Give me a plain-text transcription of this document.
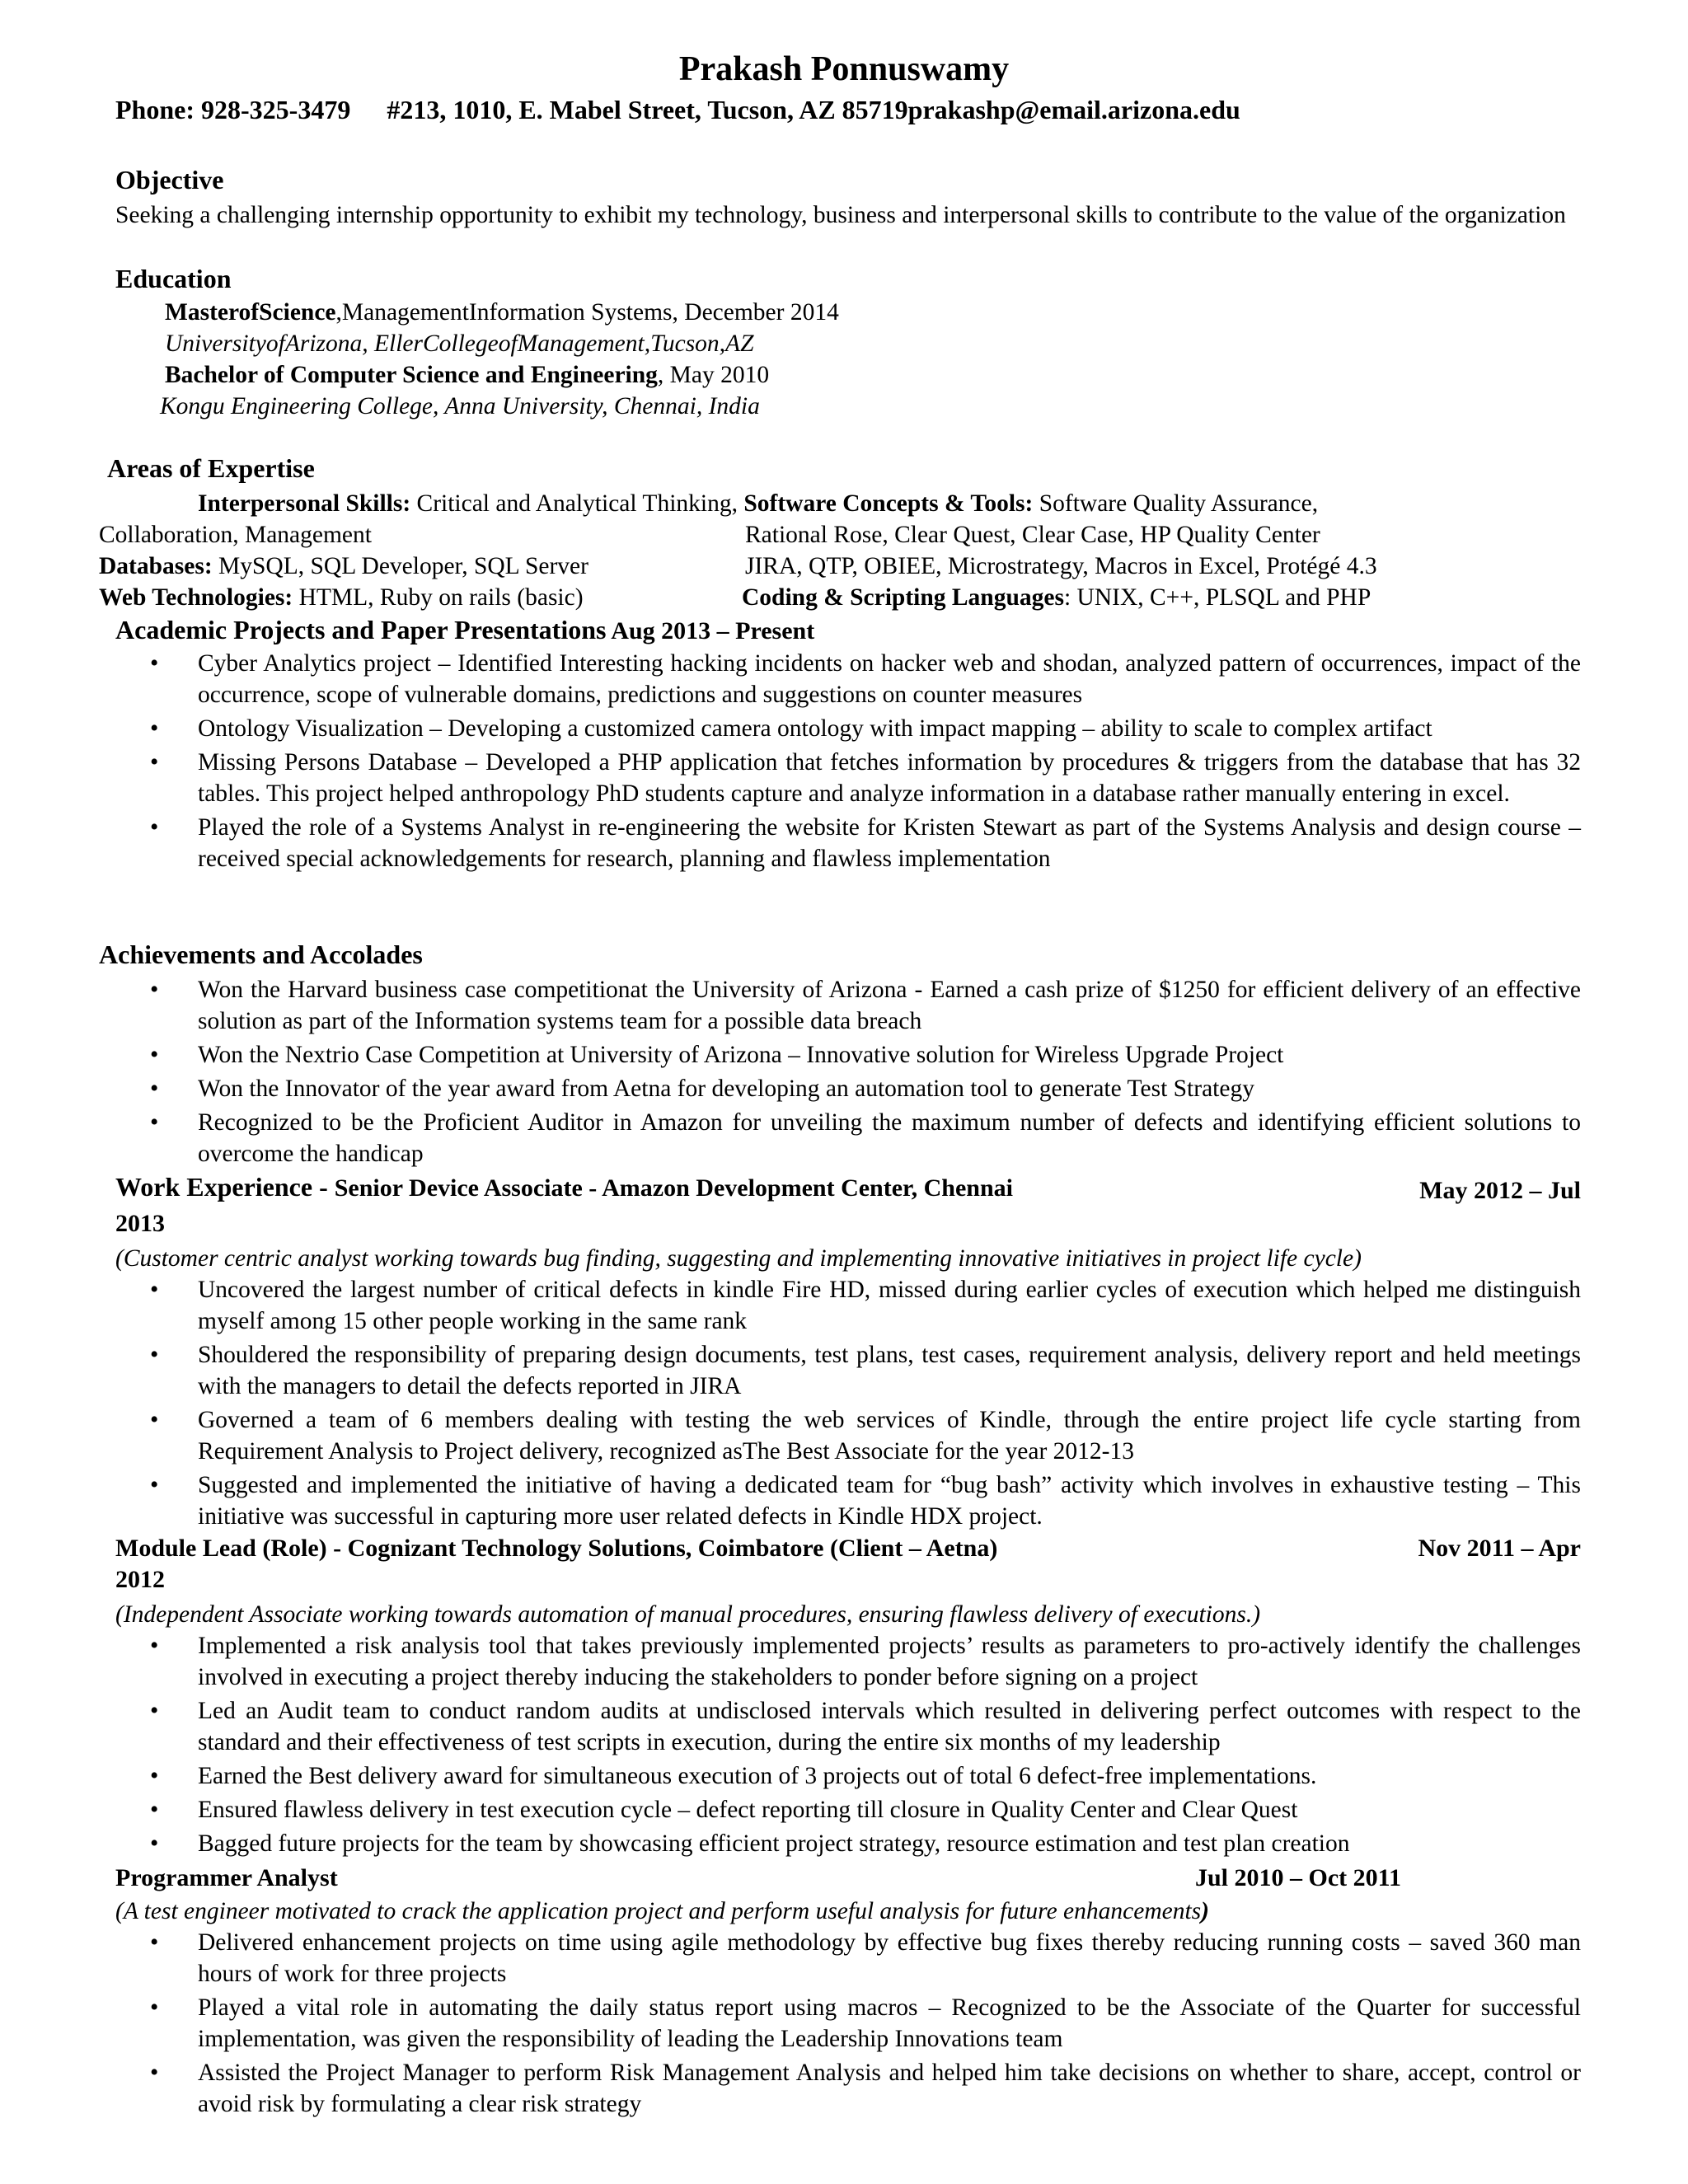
Prakash Ponnuswamy
Phone: 928-325-3479 #213, 1010, E. Mabel Street, Tucson, AZ 85719prakashp@email.arizona.edu
Objective
Seeking a challenging internship opportunity to exhibit my technology, business and interpersonal skills to contribute to the value of the organization
Education
MasterofScience,ManagementInformation Systems, December 2014
UniversityofArizona, EllerCollegeofManagement,Tucson,AZ
Bachelor of Computer Science and Engineering, May 2010
Kongu Engineering College, Anna University, Chennai, India
Areas of Expertise
Interpersonal Skills: Critical and Analytical Thinking, Software Concepts & Tools: Software Quality Assurance,
Collaboration, Management	Rational Rose, Clear Quest, Clear Case, HP Quality Center
Databases: MySQL, SQL Developer, SQL Server	JIRA, QTP, OBIEE, Microstrategy, Macros in Excel, Protégé 4.3
Web Technologies: HTML, Ruby on rails (basic)	Coding & Scripting Languages: UNIX, C++, PLSQL and PHP
Academic Projects and Paper Presentations Aug 2013 – Present
• Cyber Analytics project – Identified Interesting hacking incidents on hacker web and shodan, analyzed pattern of occurrences, impact of the occurrence, scope of vulnerable domains, predictions and suggestions on counter measures
• Ontology Visualization – Developing a customized camera ontology with impact mapping – ability to scale to complex artifact
• Missing Persons Database – Developed a PHP application that fetches information by procedures & triggers from the database that has 32 tables. This project helped anthropology PhD students capture and analyze information in a database rather manually entering in excel.
• Played the role of a Systems Analyst in re-engineering the website for Kristen Stewart as part of the Systems Analysis and design course – received special acknowledgements for research, planning and flawless implementation
Achievements and Accolades
• Won the Harvard business case competitionat the University of Arizona - Earned a cash prize of $1250 for efficient delivery of an effective solution as part of the Information systems team for a possible data breach
• Won the Nextrio Case Competition at University of Arizona – Innovative solution for Wireless Upgrade Project
• Won the Innovator of the year award from Aetna for developing an automation tool to generate Test Strategy
• Recognized to be the Proficient Auditor in Amazon for unveiling the maximum number of defects and identifying efficient solutions to overcome the handicap
Work Experience - Senior Device Associate - Amazon Development Center, Chennai	May 2012 – Jul
2013
(Customer centric analyst working towards bug finding, suggesting and implementing innovative initiatives in project life cycle)
• Uncovered the largest number of critical defects in kindle Fire HD, missed during earlier cycles of execution which helped me distinguish myself among 15 other people working in the same rank
• Shouldered the responsibility of preparing design documents, test plans, test cases, requirement analysis, delivery report and held meetings with the managers to detail the defects reported in JIRA
• Governed a team of 6 members dealing with testing the web services of Kindle, through the entire project life cycle starting from Requirement Analysis to Project delivery, recognized asThe Best Associate for the year 2012-13
• Suggested and implemented the initiative of having a dedicated team for “bug bash” activity which involves in exhaustive testing – This initiative was successful in capturing more user related defects in Kindle HDX project.
Module Lead (Role) - Cognizant Technology Solutions, Coimbatore (Client – Aetna)	Nov 2011 – Apr
2012
(Independent Associate working towards automation of manual procedures, ensuring flawless delivery of executions.)
• Implemented a risk analysis tool that takes previously implemented projects’ results as parameters to pro-actively identify the challenges involved in executing a project thereby inducing the stakeholders to ponder before signing on a project
• Led an Audit team to conduct random audits at undisclosed intervals which resulted in delivering perfect outcomes with respect to the standard and their effectiveness of test scripts in execution, during the entire six months of my leadership
• Earned the Best delivery award for simultaneous execution of 3 projects out of total 6 defect-free implementations.
• Ensured flawless delivery in test execution cycle – defect reporting till closure in Quality Center and Clear Quest
• Bagged future projects for the team by showcasing efficient project strategy, resource estimation and test plan creation
Programmer Analyst	Jul 2010 – Oct 2011
(A test engineer motivated to crack the application project and perform useful analysis for future enhancements)
• Delivered enhancement projects on time using agile methodology by effective bug fixes thereby reducing running costs – saved 360 man hours of work for three projects
• Played a vital role in automating the daily status report using macros – Recognized to be the Associate of the Quarter for successful implementation, was given the responsibility of leading the Leadership Innovations team
• Assisted the Project Manager to perform Risk Management Analysis and helped him take decisions on whether to share, accept, control or avoid risk by formulating a clear risk strategy
